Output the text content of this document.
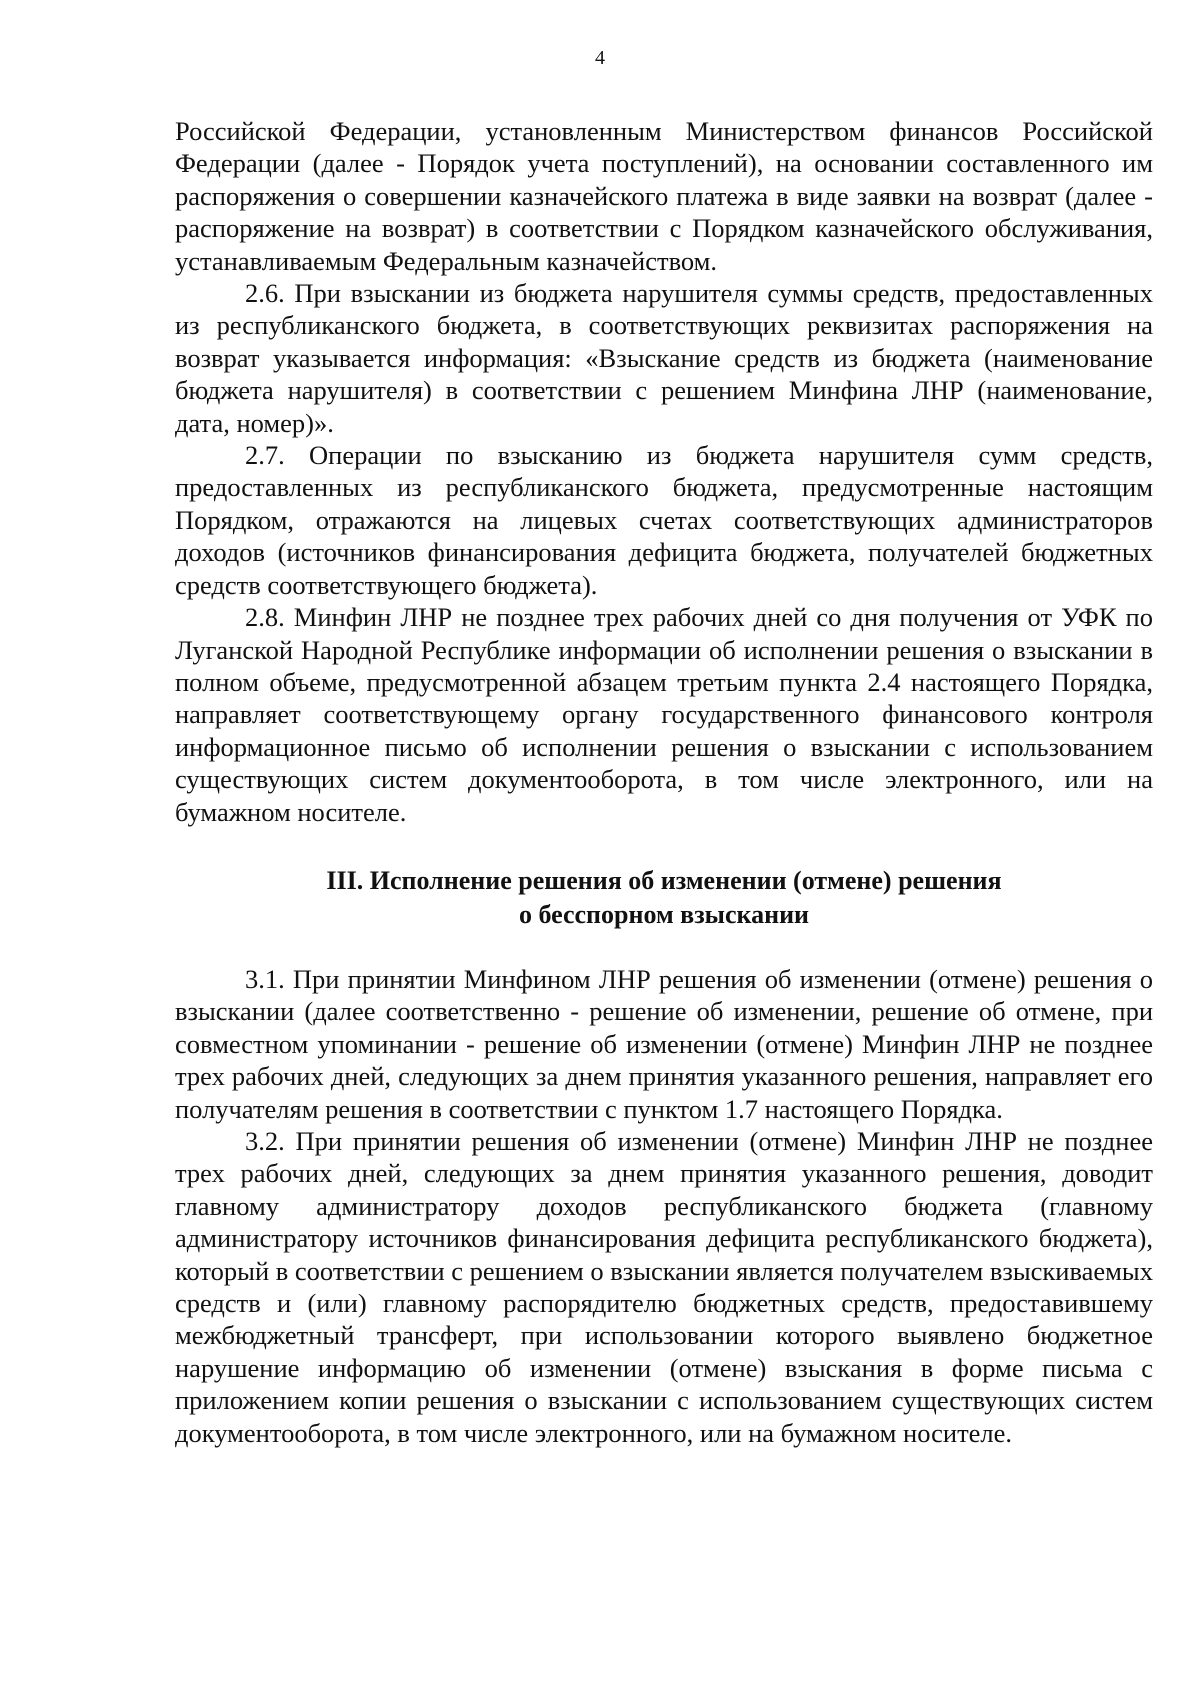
4

Российской Федерации, установленным Министерством финансов Российской Федерации (далее - Порядок учета поступлений), на основании составленного им распоряжения о совершении казначейского платежа в виде заявки на возврат (далее - распоряжение на возврат) в соответствии с Порядком казначейского обслуживания, устанавливаемым Федеральным казначейством.

2.6. При взыскании из бюджета нарушителя суммы средств, предоставленных из республиканского бюджета, в соответствующих реквизитах распоряжения на возврат указывается информация: «Взыскание средств из бюджета (наименование бюджета нарушителя) в соответствии с решением Минфина ЛНР (наименование, дата, номер)».

2.7. Операции по взысканию из бюджета нарушителя сумм средств, предоставленных из республиканского бюджета, предусмотренные настоящим Порядком, отражаются на лицевых счетах соответствующих администраторов доходов (источников финансирования дефицита бюджета, получателей бюджетных средств соответствующего бюджета).

2.8. Минфин ЛНР не позднее трех рабочих дней со дня получения от УФК по Луганской Народной Республике информации об исполнении решения о взыскании в полном объеме, предусмотренной абзацем третьим пункта 2.4 настоящего Порядка, направляет соответствующему органу государственного финансового контроля информационное письмо об исполнении решения о взыскании с использованием существующих систем документооборота, в том числе электронного, или на бумажном носителе.

III. Исполнение решения об изменении (отмене) решения
о бесспорном взыскании

3.1. При принятии Минфином ЛНР решения об изменении (отмене) решения о взыскании (далее соответственно - решение об изменении, решение об отмене, при совместном упоминании - решение об изменении (отмене) Минфин ЛНР не позднее трех рабочих дней, следующих за днем принятия указанного решения, направляет его получателям решения в соответствии с пунктом 1.7 настоящего Порядка.

3.2. При принятии решения об изменении (отмене) Минфин ЛНР не позднее трех рабочих дней, следующих за днем принятия указанного решения, доводит главному администратору доходов республиканского бюджета (главному администратору источников финансирования дефицита республиканского бюджета), который в соответствии с решением о взыскании является получателем взыскиваемых средств и (или) главному распорядителю бюджетных средств, предоставившему межбюджетный трансферт, при использовании которого выявлено бюджетное нарушение информацию об изменении (отмене) взыскания в форме письма с приложением копии решения о взыскании с использованием существующих систем документооборота, в том числе электронного, или на бумажном носителе.
